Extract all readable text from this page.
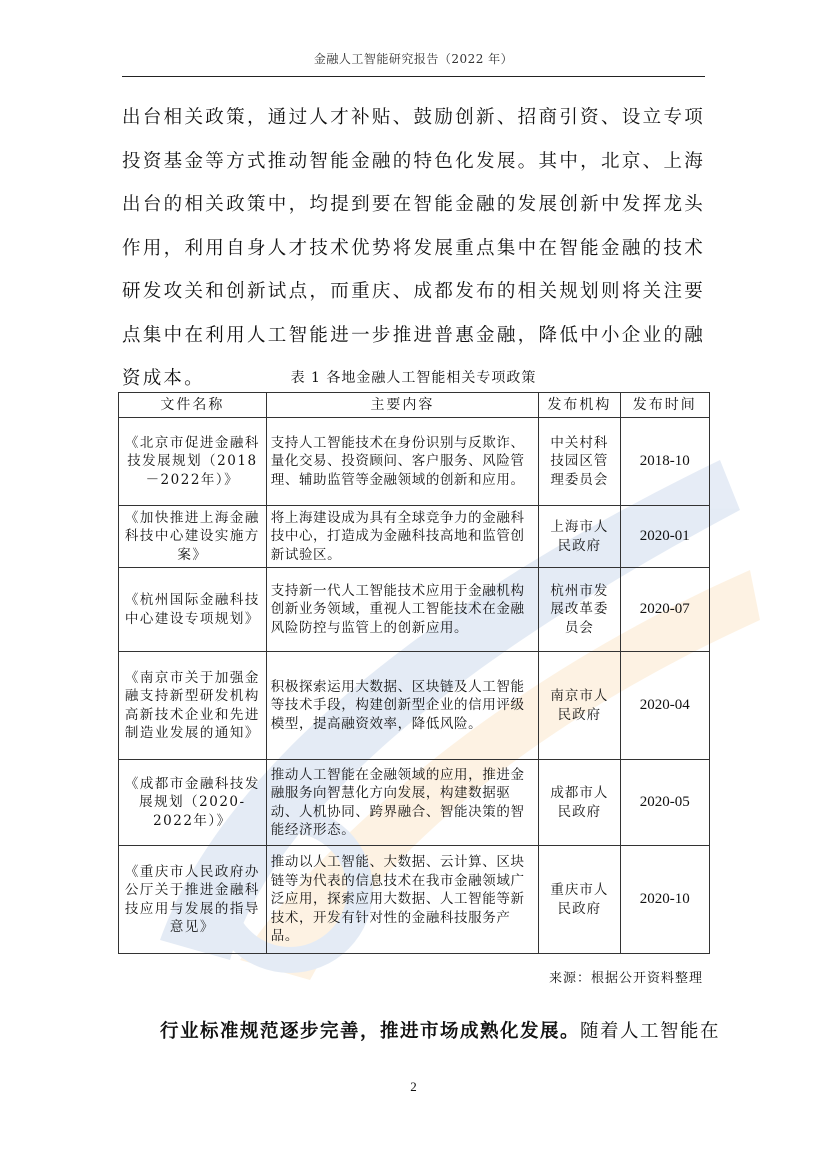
金融人工智能研究报告（2022 年）
出台相关政策，通过人才补贴、鼓励创新、招商引资、设立专项投资基金等方式推动智能金融的特色化发展。其中，北京、上海出台的相关政策中，均提到要在智能金融的发展创新中发挥龙头作用，利用自身人才技术优势将发展重点集中在智能金融的技术研发攻关和创新试点，而重庆、成都发布的相关规划则将关注要点集中在利用人工智能进一步推进普惠金融，降低中小企业的融资成本。	表 1 各地金融人工智能相关专项政策
文件名称	主要内容	发布机构	发布时间
《北京市促进金融科技发展规划（2018－2022年）》	支持人工智能技术在身份识别与反欺诈、量化交易、投资顾问、客户服务、风险管理、辅助监管等金融领域的创新和应用。	中关村科技园区管理委员会	2018-10
《加快推进上海金融科技中心建设实施方案》	将上海建设成为具有全球竞争力的金融科技中心，打造成为金融科技高地和监管创新试验区。	上海市人民政府	2020-01
《杭州国际金融科技中心建设专项规划》	支持新一代人工智能技术应用于金融机构创新业务领域，重视人工智能技术在金融风险防控与监管上的创新应用。	杭州市发展改革委员会	2020-07
《南京市关于加强金融支持新型研发机构高新技术企业和先进制造业发展的通知》	积极探索运用大数据、区块链及人工智能等技术手段，构建创新型企业的信用评级模型，提高融资效率，降低风险。	南京市人民政府	2020-04
《成都市金融科技发展规划（2020-2022年）》	推动人工智能在金融领域的应用，推进金融服务向智慧化方向发展，构建数据驱动、人机协同、跨界融合、智能决策的智能经济形态。	成都市人民政府	2020-05
《重庆市人民政府办公厅关于推进金融科技应用与发展的指导意见》	推动以人工智能、大数据、云计算、区块链等为代表的信息技术在我市金融领域广泛应用，探索应用大数据、人工智能等新技术，开发有针对性的金融科技服务产品。	重庆市人民政府	2020-10
来源：根据公开资料整理
行业标准规范逐步完善，推进市场成熟化发展。随着人工智能在
2
